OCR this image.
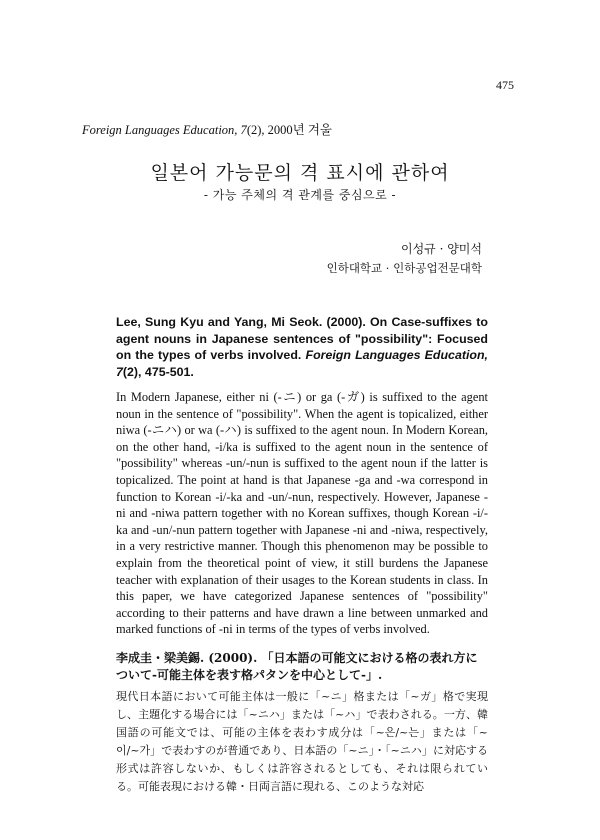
475
Foreign Languages Education, 7(2), 2000년 겨울
일본어 가능문의 격 표시에 관하여
- 가능 주체의 격 관계를 중심으로 -
이성규 · 양미석
인하대학교 · 인하공업전문대학
Lee, Sung Kyu and Yang, Mi Seok. (2000). On Case-suffixes to agent nouns in Japanese sentences of "possibility": Focused on the types of verbs involved. Foreign Languages Education, 7(2), 475-501.
In Modern Japanese, either ni (-ニ) or ga (-ガ) is suffixed to the agent noun in the sentence of "possibility". When the agent is topicalized, either niwa (-ニハ) or wa (-ハ) is suffixed to the agent noun. In Modern Korean, on the other hand, -i/ka is suffixed to the agent noun in the sentence of "possibility" whereas -un/-nun is suffixed to the agent noun if the latter is topicalized. The point at hand is that Japanese -ga and -wa correspond in function to Korean -i/-ka and -un/-nun, respectively. However, Japanese -ni and -niwa pattern together with no Korean suffixes, though Korean -i/-ka and -un/-nun pattern together with Japanese -ni and -niwa, respectively, in a very restrictive manner. Though this phenomenon may be possible to explain from the theoretical point of view, it still burdens the Japanese teacher with explanation of their usages to the Korean students in class. In this paper, we have categorized Japanese sentences of "possibility" according to their patterns and have drawn a line between unmarked and marked functions of -ni in terms of the types of verbs involved.
李成圭・梁美錫. (2000). 「日本語の可能文における格の表れ方について-可能主体を表す格パタンを中心として-」.
現代日本語において可能主体は一般に「~ニ」格または「~ガ」格で実現し、主題化する場合には「~ニハ」または「~ハ」で表わされる。一方、韓国語の可能文では、可能の主体を表わす成分は「~은/~는」または「~이/~가」で表わすのが普通であり、日本語の「~ニ」・「~ニハ」に対応する形式は許容しないか、もしくは許容されるとしても、それは限られている。可能表現における韓・日両言語に現れる、このような対応
